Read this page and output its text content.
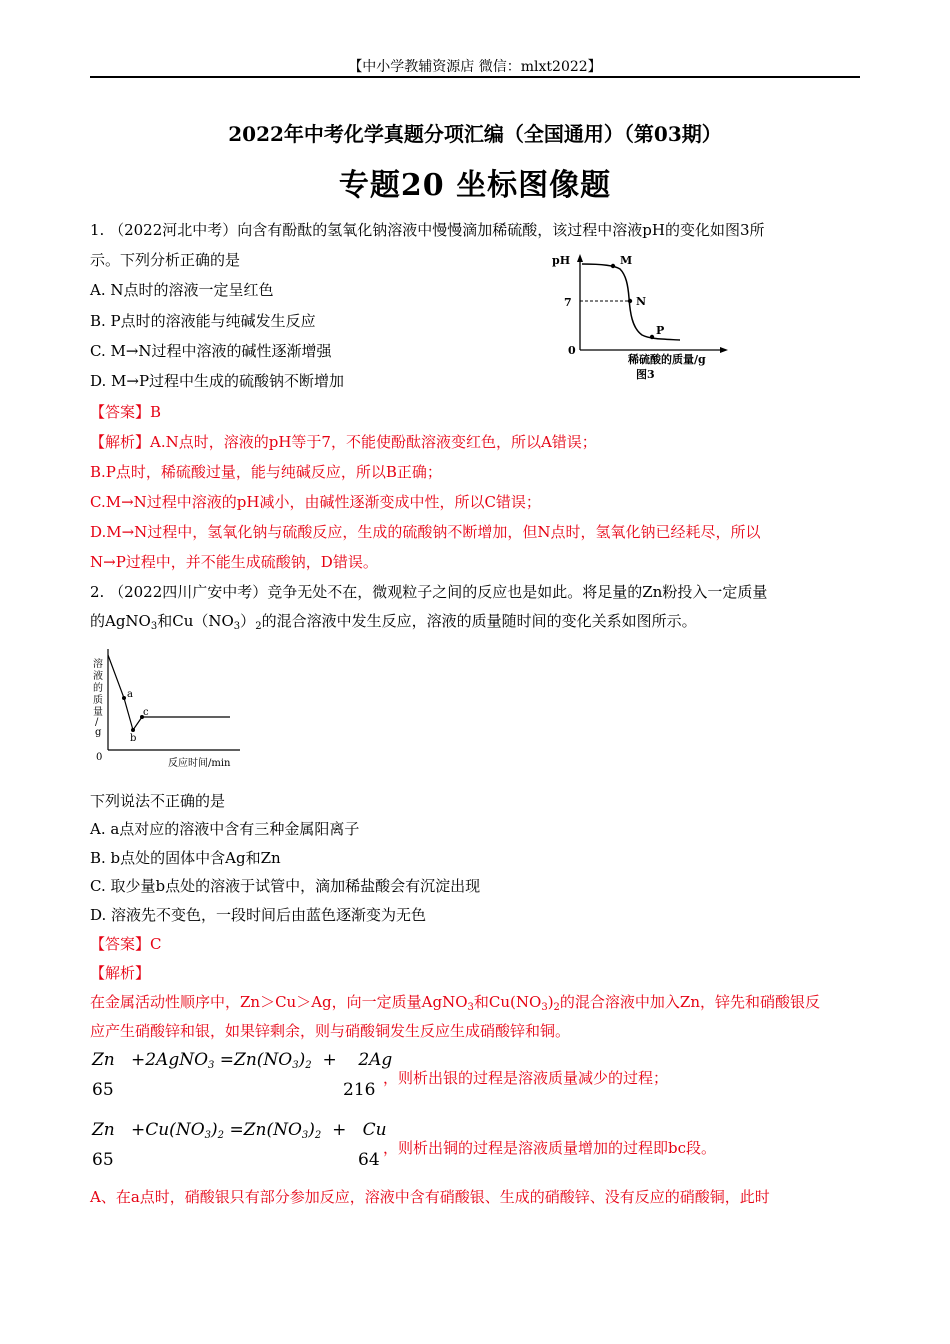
【中小学教辅资源店 微信：mlxt2022】
2022年中考化学真题分项汇编（全国通用）（第03期）
专题20 坐标图像题
1. （2022河北中考）向含有酚酞的氢氧化钠溶液中慢慢滴加稀硫酸，该过程中溶液pH的变化如图3所
示。下列分析正确的是
A. N点时的溶液一定呈红色
B. P点时的溶液能与纯碱发生反应
C. M→N过程中溶液的碱性逐渐增强
D. M→P过程中生成的硫酸钠不断增加
pH
7
0
M
N
P
稀硫酸的质量/g
图3
【答案】B
【解析】A.N点时，溶液的pH等于7，不能使酚酞溶液变红色，所以A错误；
B.P点时，稀硫酸过量，能与纯碱反应，所以B正确；
C.M→N过程中溶液的pH减小，由碱性逐渐变成中性，所以C错误；
D.M→N过程中，氢氧化钠与硫酸反应，生成的硫酸钠不断增加，但N点时，氢氧化钠已经耗尽，所以
N→P过程中，并不能生成硫酸钠，D错误。
2. （2022四川广安中考）竞争无处不在，微观粒子之间的反应也是如此。将足量的Zn粉投入一定质量
的AgNO$_3$和$Cu(NO_3)_2$的混合溶液中发生反应，溶液的质量随时间的变化关系如图所示。
溶
液
的
质
量
/
g
0
a
b
c
反应时间/min
下列说法不正确的是
A. a点对应的溶液中含有三种金属阳离子
B. b点处的固体中含Ag和Zn
C. 取少量b点处的溶液于试管中，滴加稀盐酸会有沉淀出现
D. 溶液先不变色，一段时间后由蓝色逐渐变为无色
【答案】C
【解析】
在金属活动性顺序中，Zn＞Cu＞Ag，向一定质量AgNO$_3$和$Cu(NO_3)_2$的混合溶液中加入Zn，锌先和硝酸银反
应产生硝酸锌和银，如果锌剩余，则与硝酸铜发生反应生成硝酸锌和铜。
Zn +2AgNO$_3$ $=Zn(NO_3)_2 + 2Ag$
65	216
，则析出银的过程是溶液质量减少的过程；
$Zn +Cu(NO_3)_2 =Zn(NO_3)_2 + Cu$
65	64
，则析出铜的过程是溶液质量增加的过程即bc段。
A、在a点时，硝酸银只有部分参加反应，溶液中含有硝酸银、生成的硝酸锌、没有反应的硝酸铜，此时
